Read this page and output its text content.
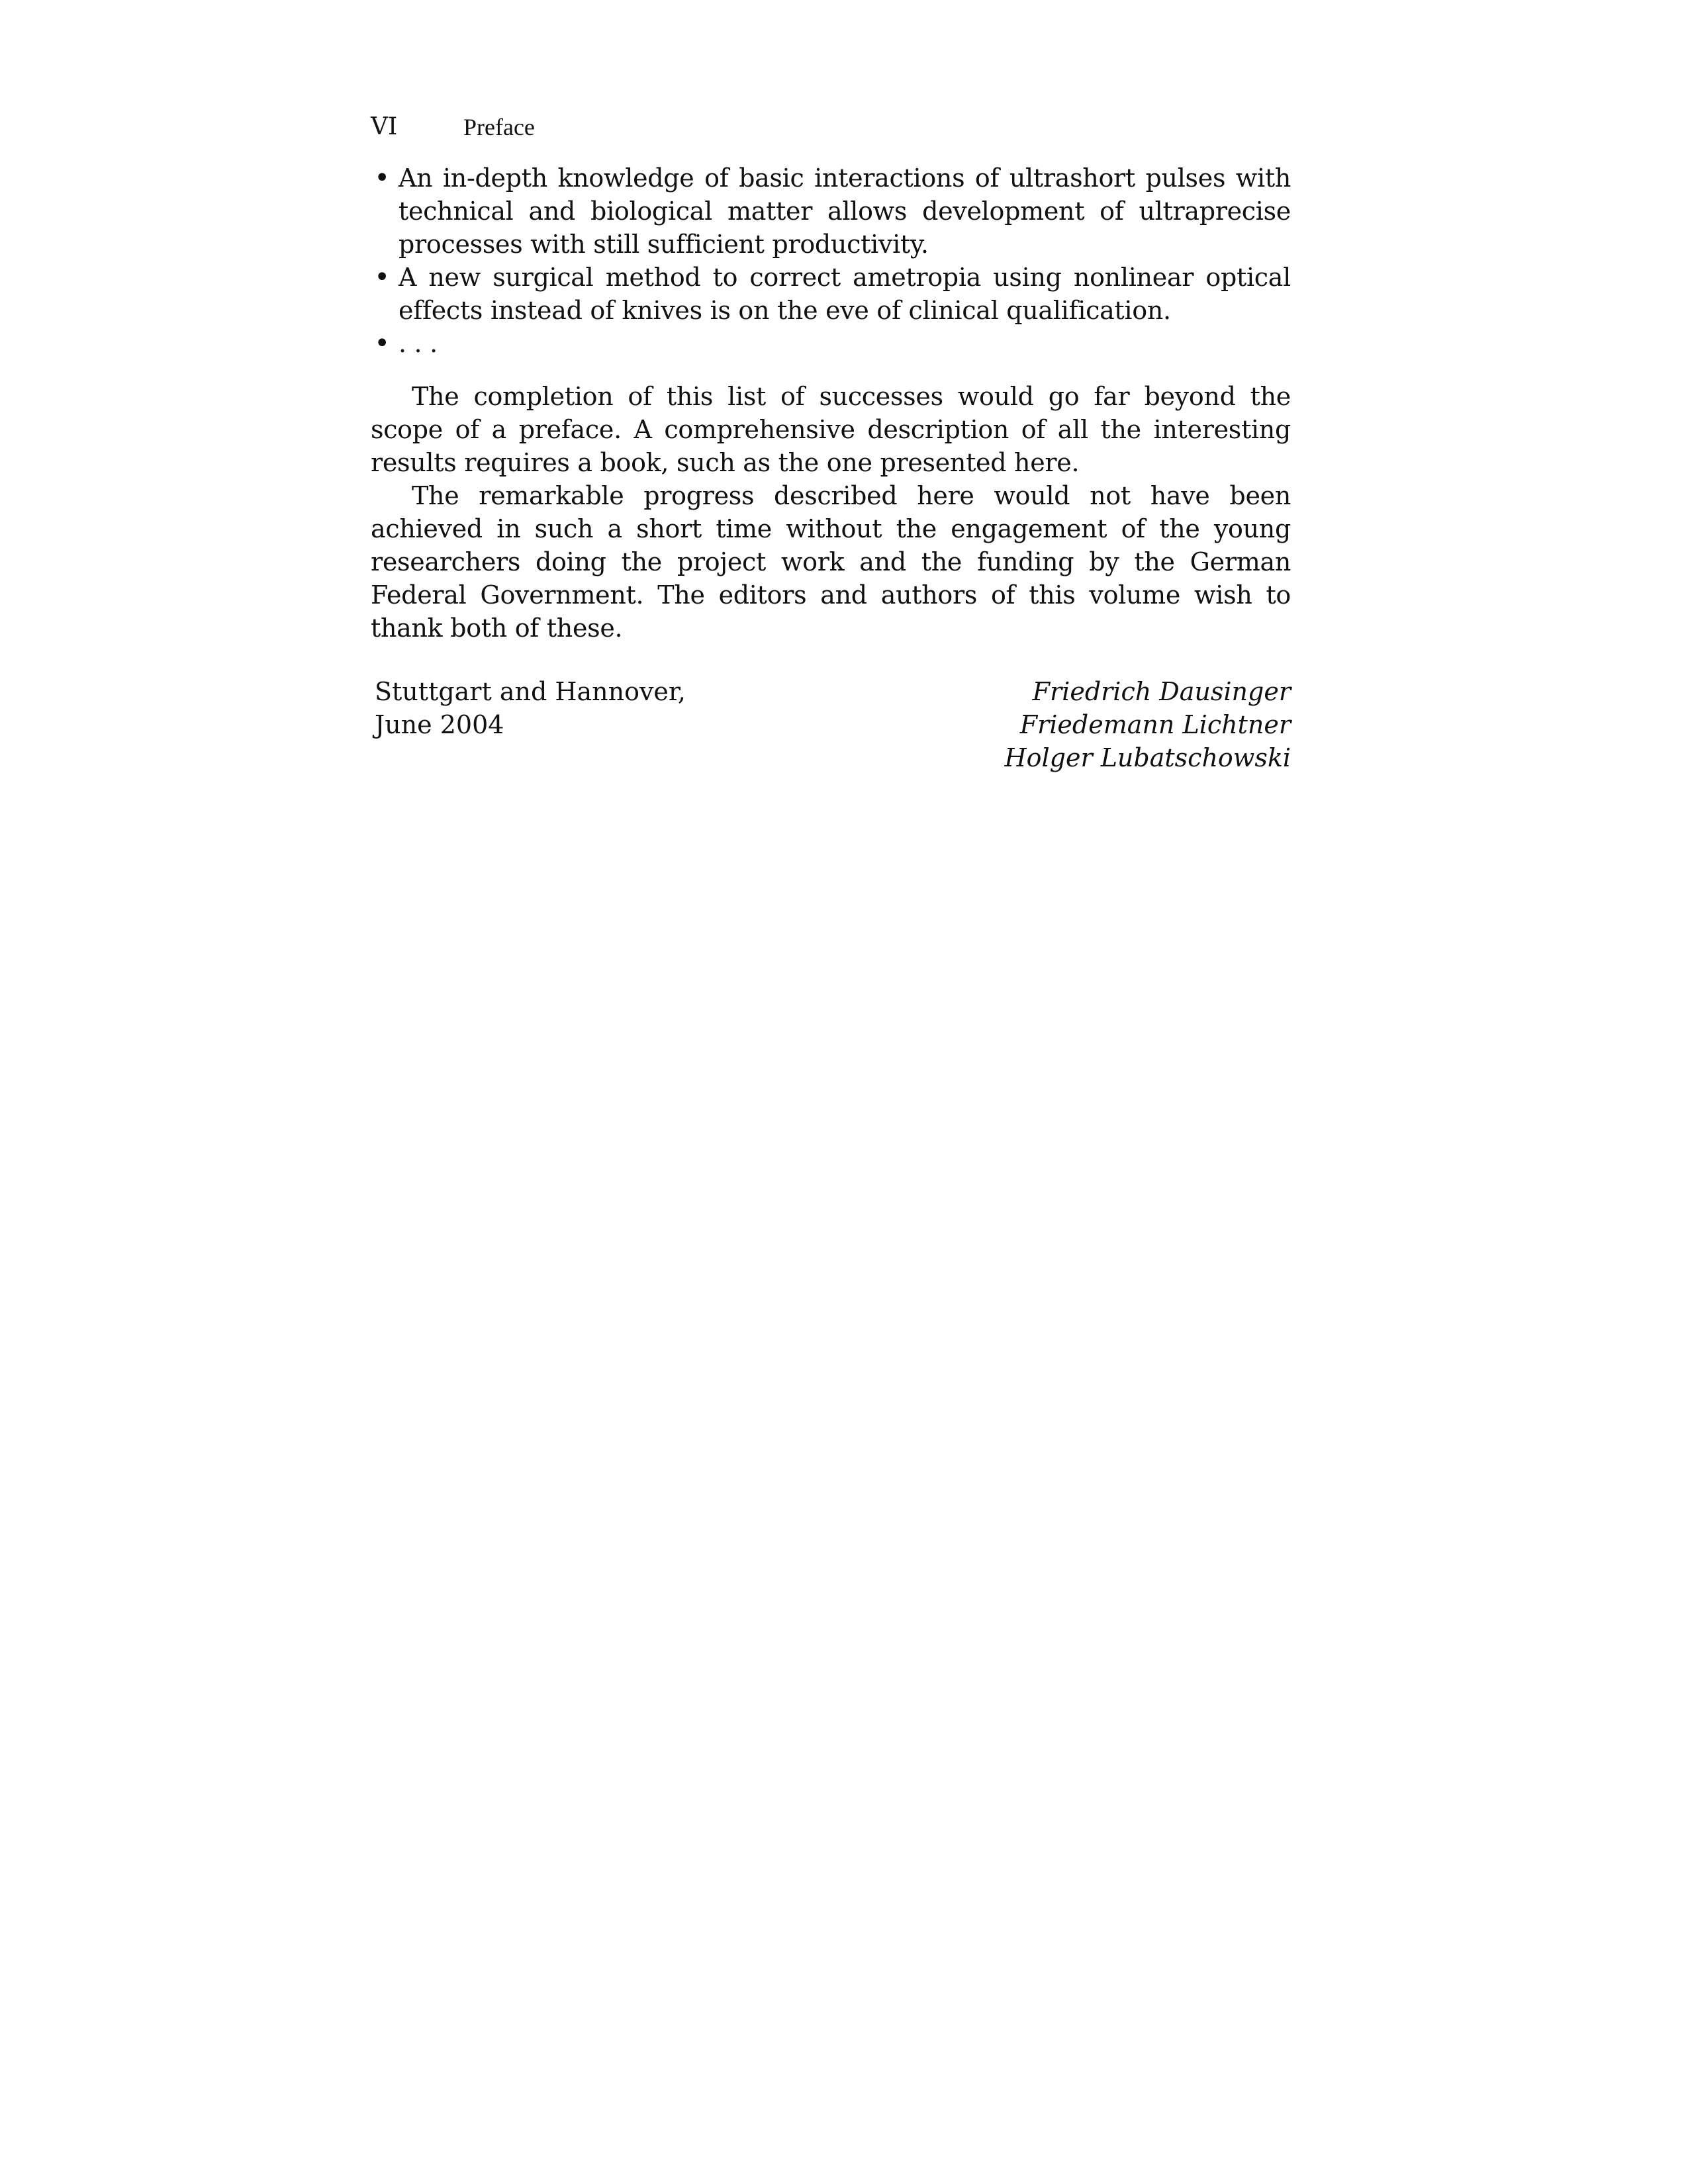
VI	Preface
• An in-depth knowledge of basic interactions of ultrashort pulses with technical and biological matter allows development of ultraprecise processes with still sufficient productivity.
• A new surgical method to correct ametropia using nonlinear optical effects instead of knives is on the eve of clinical qualification.
• . . .

The completion of this list of successes would go far beyond the scope of a preface. A comprehensive description of all the interesting results requires a book, such as the one presented here.

The remarkable progress described here would not have been achieved in such a short time without the engagement of the young researchers doing the project work and the funding by the German Federal Government. The editors and authors of this volume wish to thank both of these.

Stuttgart and Hannover,
June 2004
Friedrich Dausinger
Friedemann Lichtner
Holger Lubatschowski
